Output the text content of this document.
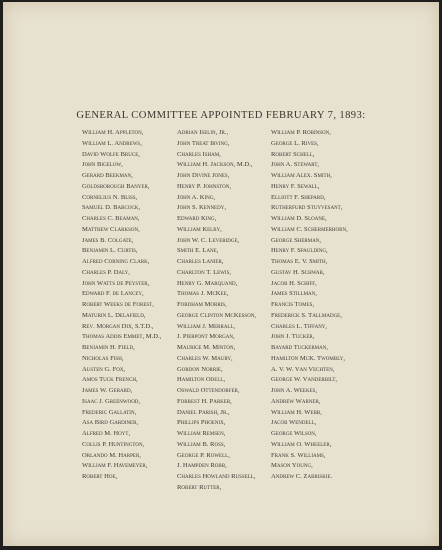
GENERAL COMMITTEE APPOINTED FEBRUARY 7, 1893:
William H. Appleton,
William L. Andrews,
David Wolfe Bruce,
John Bigelow,
Gerard Beekman,
Goldsborough Banyer,
Cornelius N. Bliss,
Samuel D. Babcock,
Charles C. Beaman,
Matthew Clarkson,
James B. Colgate,
Benjamin L. Curtis,
Alfred Corning Clark,
Charles P. Daly,
John Watts de Peyster,
Edward F. de Lancey,
Robert Weeks de Forest,
Maturin L. Delafield,
Rev. Morgan Dix, S.T.D.,
Thomas Addis Emmet, M.D.,
Benjamin H. Field,
Nicholas Fish,
Austen G. Fox,
Amos Tuck French,
James W. Gerard,
Isaac J. Greenwood,
Frederic Gallatin,
Asa Bird Gardiner,
Alfred M. Hoyt,
Collis P. Huntington,
Orlando M. Harper,
William F. Havemeyer,
Robert Hoe,
Adrian Iselin, Jr.,
John Treat Irving,
Charles Isham,
William H. Jackson, M.D.,
John Divine Jones,
Henry P. Johnston,
John A. King,
John S. Kennedy,
Edward King,
William Kelby,
John W. C. Leveridge,
Smith E. Lane,
Charles Lanier,
Charlton T. Lewis,
Henry G. Marquand,
Thomas J. McKee,
Fordham Morris,
George Clinton McKesson,
William J. Merrall,
J. Pierpont Morgan,
Maurice M. Minton,
Charles W. Maury,
Gordon Norrie,
Hamilton Odell,
Oswald Ottendorfer,
Forrest H. Parker,
Daniel Parish, Jr.,
Phillips Phoenix,
William Remsen,
William B. Ross,
George P. Rowell,
J. Hampden Robb,
Charles Howland Russell,
Robert Rutter,
William P. Robinson,
George L. Rives,
Robert Schell,
John A. Stewart,
William Alex. Smith,
Henry F. Sewall,
Elliott F. Shepard,
Rutherfurd Stuyvesant,
William D. Sloane,
William C. Schermerhorn,
George Sherman,
Henry F. Spaulding,
Thomas E. V. Smith,
Gustav H. Schwab,
Jacob H. Schiff,
James Stillman,
Francis Tomes,
Frederick S. Tallmadge,
Charles L. Tiffany,
John J. Tucker,
Bayard Tuckerman,
Hamilton McK. Twombly,
A. V. W. Van Vechten,
George W. Vanderbilt,
John A. Weekes,
Andrew Warner,
William H. Webb,
Jacob Wendell,
George Wilson,
William O. Wheeler,
Frank S. Williams,
Mason Young,
Andrew C. Zabriskie.
